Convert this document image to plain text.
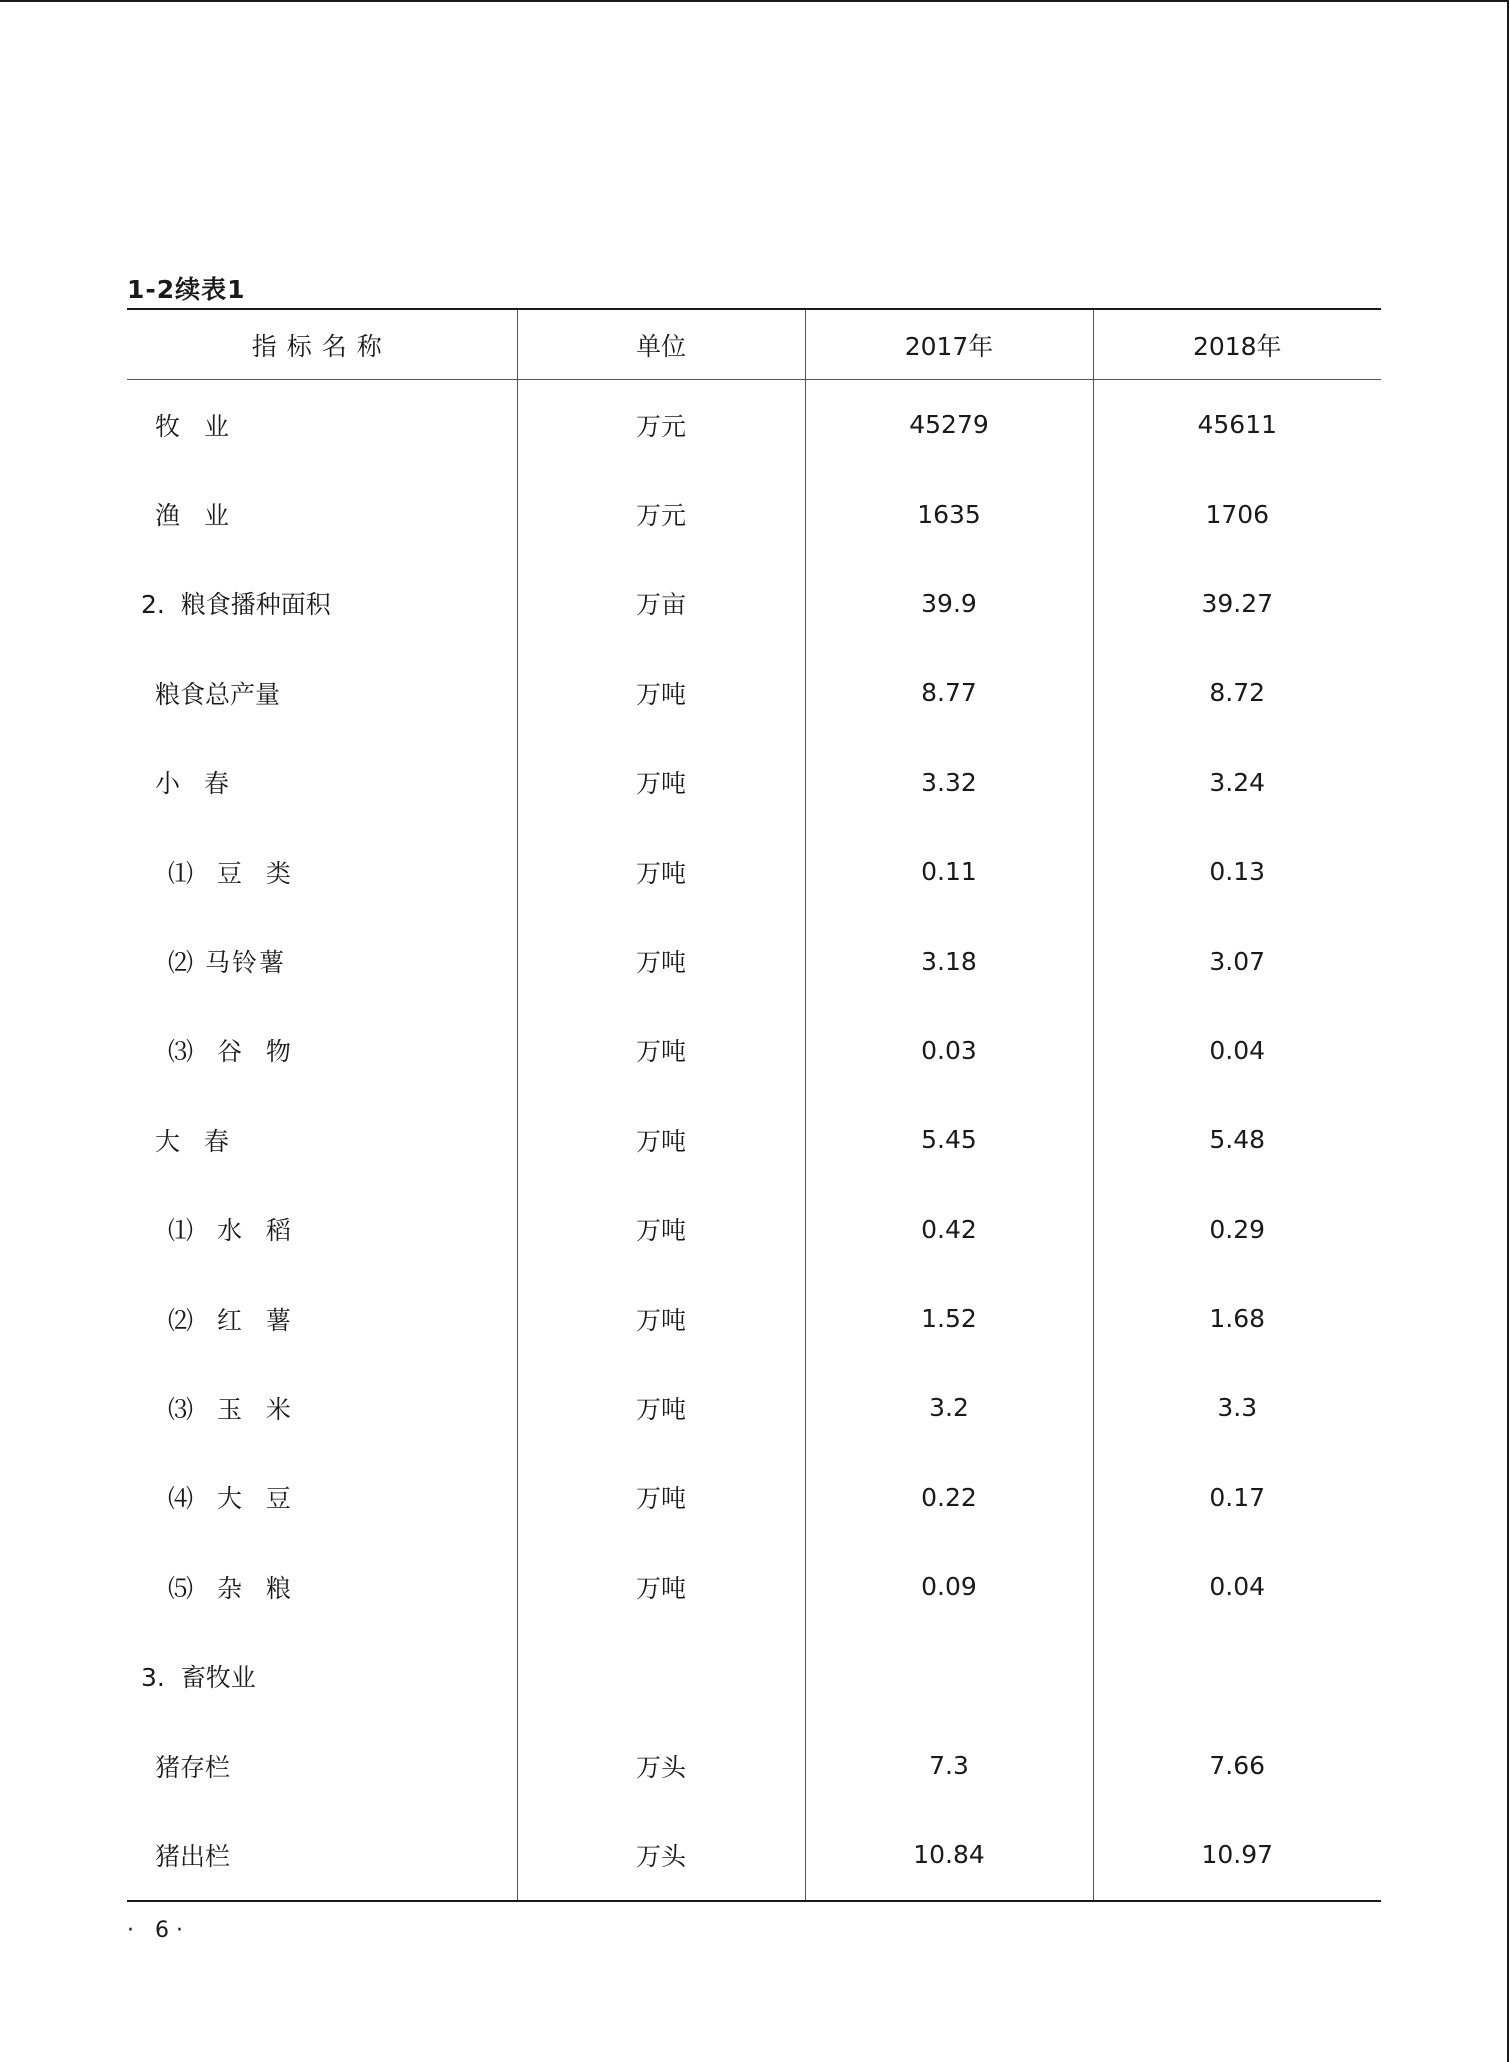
1-2续表1
指标名称	单位	2017年	2018年
牧 业	万元	45279	45611
渔 业	万元	1635	1706
2.  粮食播种面积	万亩	39.9	39.27
粮食总产量	万吨	8.77	8.72
小 春	万吨	3.32	3.24
⑴ 豆 类	万吨	0.11	0.13
⑵ 马铃薯	万吨	3.18	3.07
⑶ 谷 物	万吨	0.03	0.04
大 春	万吨	5.45	5.48
⑴ 水 稻	万吨	0.42	0.29
⑵ 红 薯	万吨	1.52	1.68
⑶ 玉 米	万吨	3.2	3.3
⑷ 大 豆	万吨	0.22	0.17
⑸ 杂 粮	万吨	0.09	0.04
3.  畜牧业			
猪存栏	万头	7.3	7.66
猪出栏	万头	10.84	10.97
·   6 ·
